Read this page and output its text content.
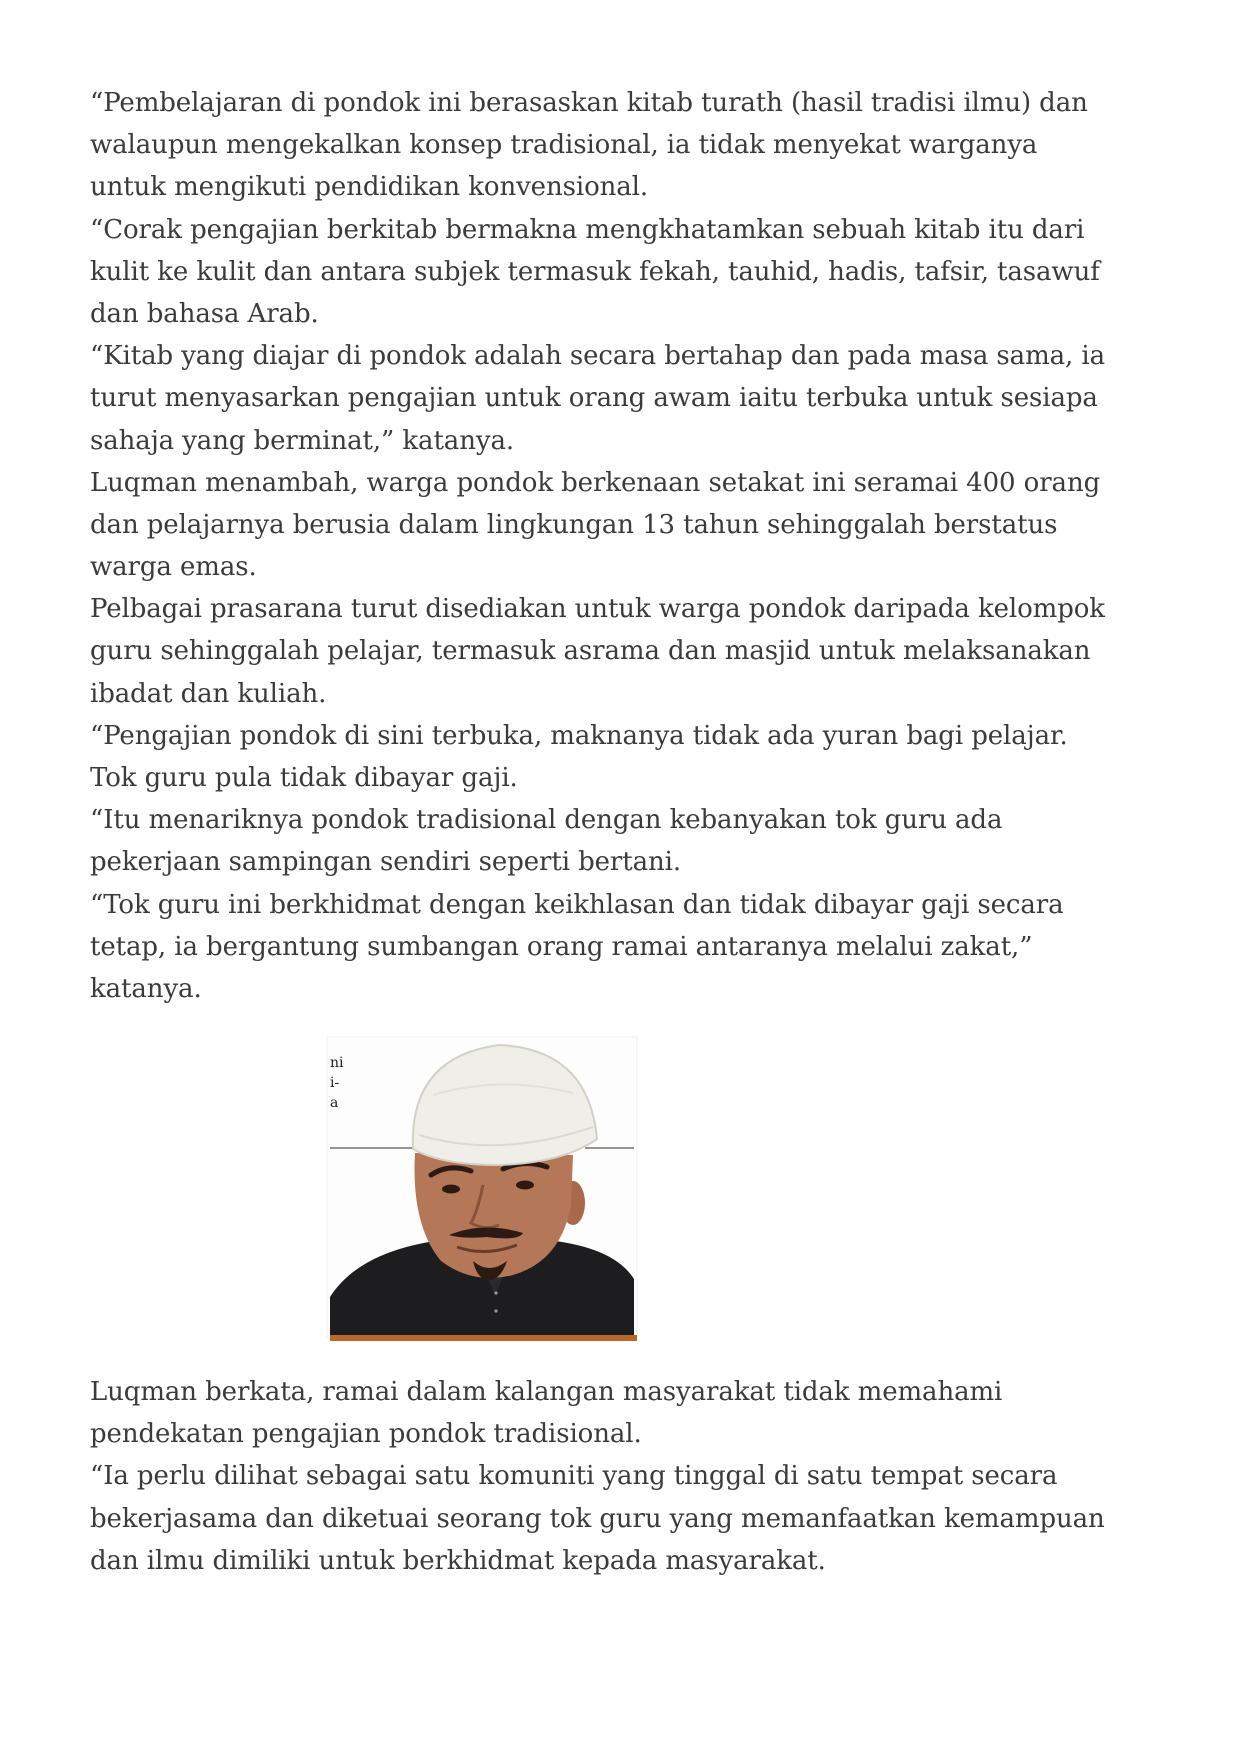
“Pembelajaran di pondok ini berasaskan kitab turath (hasil tradisi ilmu) dan
walaupun mengekalkan konsep tradisional, ia tidak menyekat warganya
untuk mengikuti pendidikan konvensional.
“Corak pengajian berkitab bermakna mengkhatamkan sebuah kitab itu dari
kulit ke kulit dan antara subjek termasuk fekah, tauhid, hadis, tafsir, tasawuf
dan bahasa Arab.
“Kitab yang diajar di pondok adalah secara bertahap dan pada masa sama, ia
turut menyasarkan pengajian untuk orang awam iaitu terbuka untuk sesiapa
sahaja yang berminat,” katanya.
Luqman menambah, warga pondok berkenaan setakat ini seramai 400 orang
dan pelajarnya berusia dalam lingkungan 13 tahun sehinggalah berstatus
warga emas.
Pelbagai prasarana turut disediakan untuk warga pondok daripada kelompok
guru sehinggalah pelajar, termasuk asrama dan masjid untuk melaksanakan
ibadat dan kuliah.
“Pengajian pondok di sini terbuka, maknanya tidak ada yuran bagi pelajar.
Tok guru pula tidak dibayar gaji.
“Itu menariknya pondok tradisional dengan kebanyakan tok guru ada
pekerjaan sampingan sendiri seperti bertani.
“Tok guru ini berkhidmat dengan keikhlasan dan tidak dibayar gaji secara
tetap, ia bergantung sumbangan orang ramai antaranya melalui zakat,”
katanya.
ni
i-
a
Luqman berkata, ramai dalam kalangan masyarakat tidak memahami
pendekatan pengajian pondok tradisional.
“Ia perlu dilihat sebagai satu komuniti yang tinggal di satu tempat secara
bekerjasama dan diketuai seorang tok guru yang memanfaatkan kemampuan
dan ilmu dimiliki untuk berkhidmat kepada masyarakat.
